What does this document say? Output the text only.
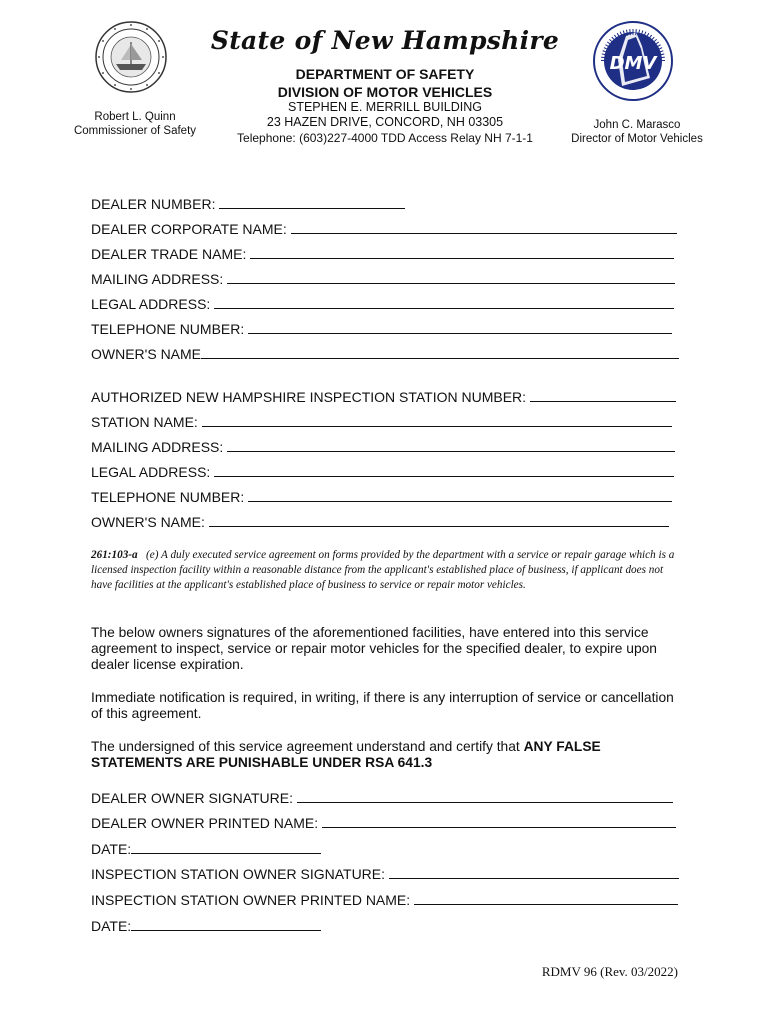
State of New Hampshire
DEPARTMENT OF SAFETY
DIVISION OF MOTOR VEHICLES
STEPHEN E. MERRILL BUILDING
23 HAZEN DRIVE, CONCORD, NH 03305
Telephone: (603)227-4000 TDD Access Relay NH 7-1-1
Robert L. Quinn
Commissioner of Safety
DMV
John C. Marasco
Director of Motor Vehicles
DEALER NUMBER:
DEALER CORPORATE NAME:
DEALER TRADE NAME:
MAILING ADDRESS:
LEGAL ADDRESS:
TELEPHONE NUMBER:
OWNER'S NAME
AUTHORIZED NEW HAMPSHIRE INSPECTION STATION NUMBER:
STATION NAME:
MAILING ADDRESS:
LEGAL ADDRESS:
TELEPHONE NUMBER:
OWNER'S NAME:
261:103-a (e) A duly executed service agreement on forms provided by the department with a service or repair garage which is a licensed inspection facility within a reasonable distance from the applicant's established place of business, if applicant does not have facilities at the applicant's established place of business to service or repair motor vehicles.
The below owners signatures of the aforementioned facilities, have entered into this service agreement to inspect, service or repair motor vehicles for the specified dealer, to expire upon dealer license expiration.
Immediate notification is required, in writing, if there is any interruption of service or cancellation of this agreement.
The undersigned of this service agreement understand and certify that ANY FALSE STATEMENTS ARE PUNISHABLE UNDER RSA 641.3
DEALER OWNER SIGNATURE:
DEALER OWNER PRINTED NAME:
DATE:
INSPECTION STATION OWNER SIGNATURE:
INSPECTION STATION OWNER PRINTED NAME:
DATE:
RDMV 96 (Rev. 03/2022)
